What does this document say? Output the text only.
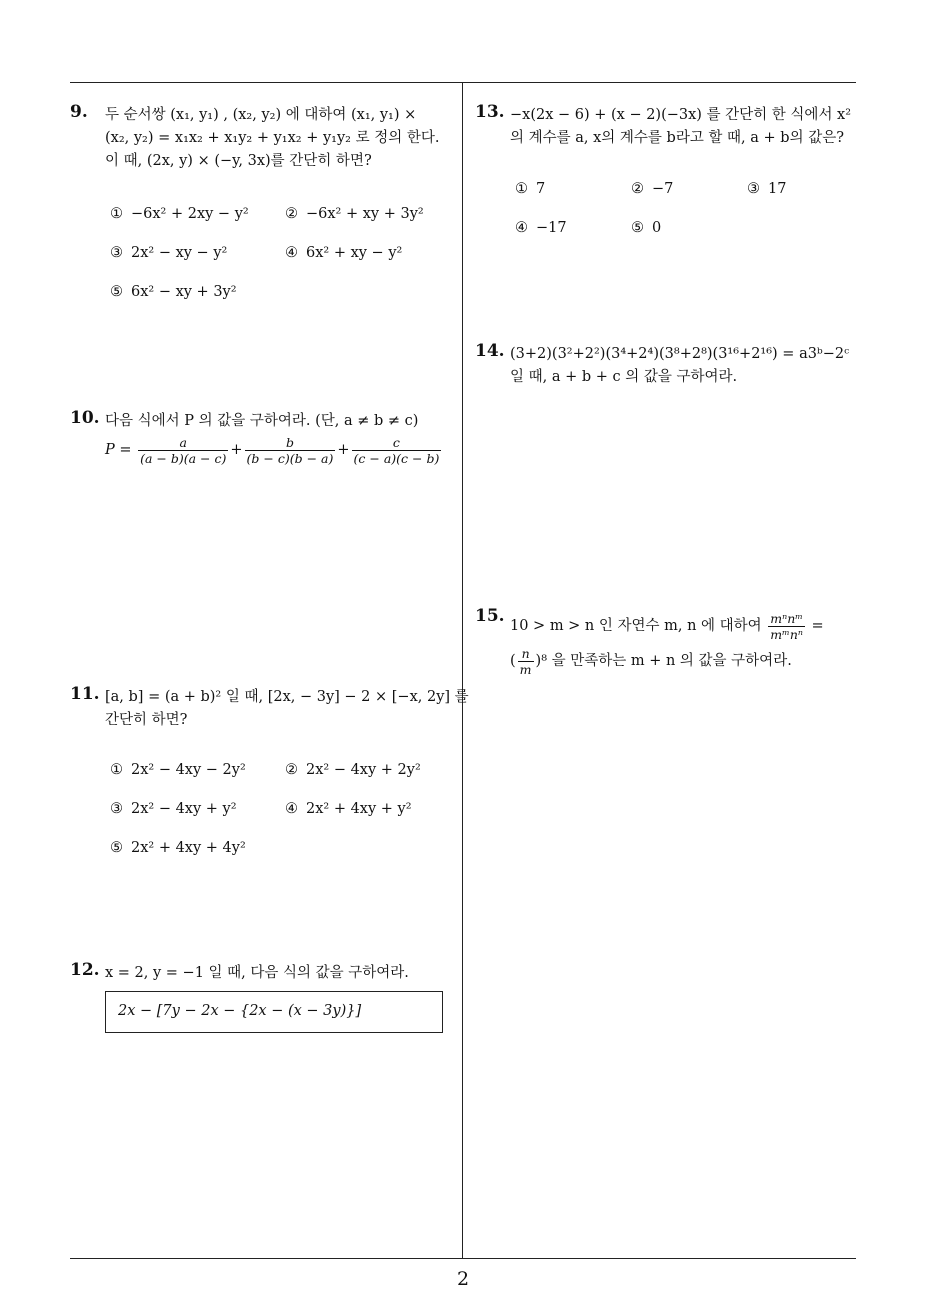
9. 두 순서쌍 (x₁, y₁) , (x₂, y₂) 에 대하여 (x₁, y₁) ×
(x₂, y₂) = x₁x₂ + x₁y₂ + y₁x₂ + y₁y₂ 로 정의 한다.
이 때, (2x, y) × (−y, 3x)를 간단히 하면?
① −6x² + 2xy − y²	② −6x² + xy + 3y²
③ 2x² − xy − y²	④ 6x² + xy − y²
⑤ 6x² − xy + 3y²
10. 다음 식에서 P 의 값을 구하여라. (단, a ≠ b ≠ c)
$P = \frac{a}{(a - b)(a - c)} + \frac{b}{(b - c)(b - a)} + \frac{c}{(c - a)(c - b)}$
11. [a, b] = (a + b)² 일 때, [2x, − 3y] − 2 × [−x, 2y] 를
간단히 하면?
① 2x² − 4xy − 2y²	② 2x² − 4xy + 2y²
③ 2x² − 4xy + y²	④ 2x² + 4xy + y²
⑤ 2x² + 4xy + 4y²
12. x = 2, y = −1 일 때, 다음 식의 값을 구하여라.
2x − [7y − 2x − {2x − (x − 3y)}]
13. −x(2x − 6) + (x − 2)(−3x) 를 간단히 한 식에서 x²
의 계수를 a, x의 계수를 b라고 할 때, a + b의 값은?
① 7	② −7	③ 17
④ −17	⑤ 0
14. (3+2)(3²+2²)(3⁴+2⁴)(3⁸+2⁸)(3¹⁶+2¹⁶) = a3ᵇ−2ᶜ
일 때, a + b + c 의 값을 구하여라.
15. 10 > m > n 인 자연수 m, n 에 대하여 $\frac{\text{mⁿnᵐ}}{\text{mᵐnⁿ}}$ =
( $\frac{n}{m} )^8$ 을 만족하는 m + n 의 값을 구하여라.
2
